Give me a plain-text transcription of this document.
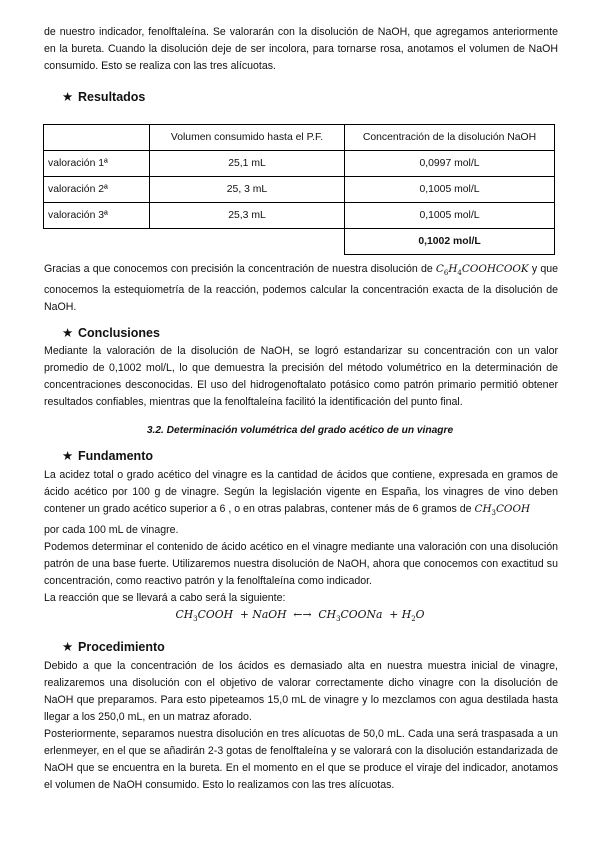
de nuestro indicador, fenolftaleína. Se valorarán con la disolución de NaOH, que agregamos anteriormente en la bureta. Cuando la disolución deje de ser incolora, para tornarse rosa, anotamos el volumen de NaOH consumido. Esto se realiza con las tres alícuotas.

★ Resultados
	Volumen consumido hasta el P.F.	Concentración de la disolución NaOH
valoración 1ª	25,1 mL	0,0997 mol/L
valoración 2ª	25, 3 mL	0,1005 mol/L
valoración 3ª	25,3 mL	0,1005 mol/L
		0,1002 mol/L

Gracias a que conocemos con precisión la concentración de nuestra disolución de $C_6H_4COOHCOOK$ y que conocemos la estequiometría de la reacción, podemos calcular la concentración exacta de la disolución de NaOH.

★ Conclusiones

Mediante la valoración de la disolución de NaOH, se logró estandarizar su concentración con un valor promedio de 0,1002 mol/L, lo que demuestra la precisión del método volumétrico en la determinación de concentraciones desconocidas. El uso del hidrogenoftalato potásico como patrón primario permitió obtener resultados confiables, mientras que la fenolftaleína facilitó la identificación del punto final.

3.2. Determinación volumétrica del grado acético de un vinagre

★ Fundamento

La acidez total o grado acético del vinagre es la cantidad de ácidos que contiene, expresada en gramos de ácido acético por 100 g de vinagre. Según la legislación vigente en España, los vinagres de vino deben contener un grado acético superior a 6 , o en otras palabras, contener más de 6 gramos de $CH_3COOH$
por cada 100 mL de vinagre.

Podemos determinar el contenido de ácido acético en el vinagre mediante una valoración con una disolución patrón de una base fuerte. Utilizaremos nuestra disolución de NaOH, ahora que conocemos con exactitud su concentración, como reactivo patrón y la fenolftaleína como indicador.

La reacción que se llevará a cabo será la siguiente:

$CH_3COOH$ + NaOH ←→ $CH_3COONa + H_2O$
★ Procedimiento

Debido a que la concentración de los ácidos es demasiado alta en nuestra muestra inicial de vinagre, realizaremos una disolución con el objetivo de valorar correctamente dicho vinagre con la disolución de NaOH que preparamos. Para esto pipeteamos 15,0 mL de vinagre y lo mezclamos con agua destilada hasta llegar a los 250,0 mL, en un matraz aforado.

Posteriormente, separamos nuestra disolución en tres alícuotas de 50,0 mL. Cada una será traspasada a un erlenmeyer, en el que se añadirán 2-3 gotas de fenolftaleína y se valorará con la disolución estandarizada de NaOH que se encuentra en la bureta. En el momento en el que se produce el viraje del indicador, anotamos el volumen de NaOH consumido. Esto lo realizamos con las tres alícuotas.
